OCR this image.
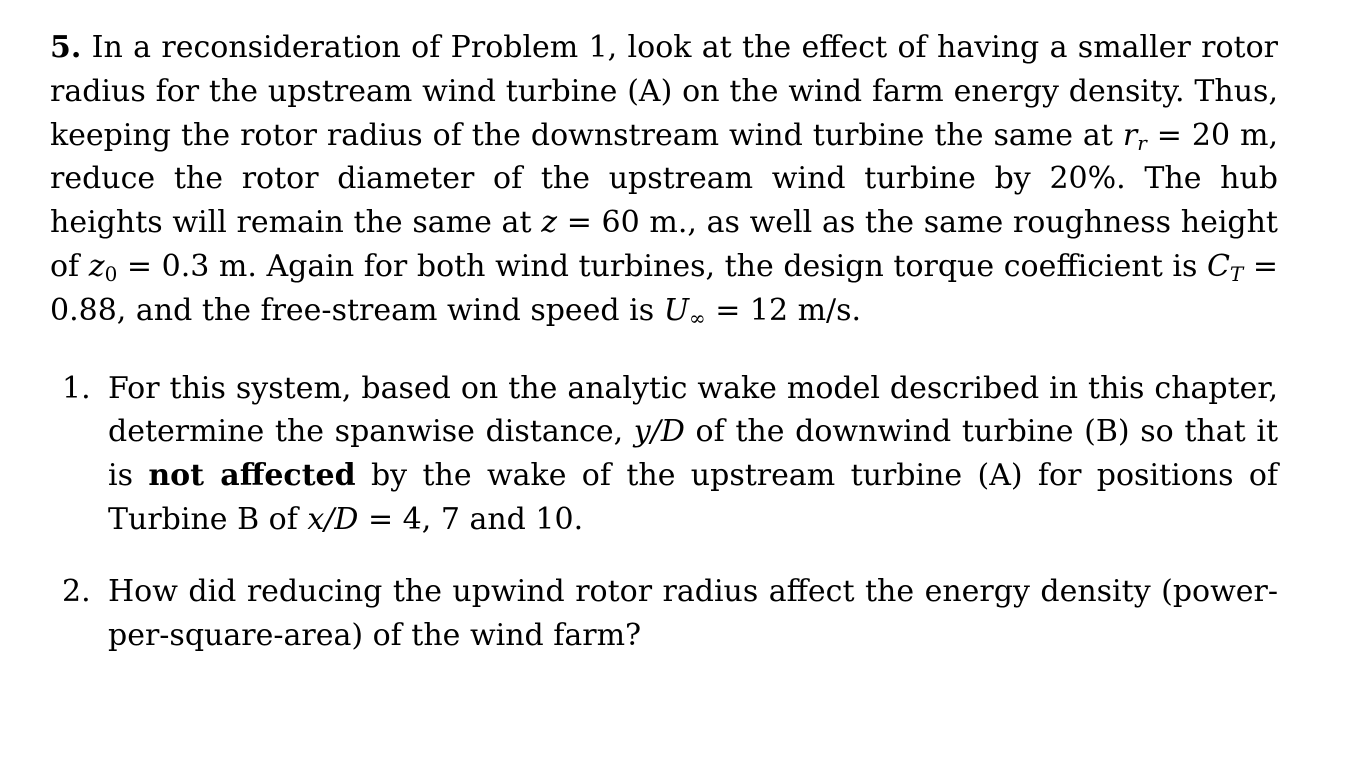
5. In a reconsideration of Problem 1, look at the effect of having a smaller rotor radius for the upstream wind turbine (A) on the wind farm energy density. Thus, keeping the rotor radius of the downstream wind turbine the same at $r_r = 20$ m, reduce the rotor diameter of the upstream wind turbine by 20%. The hub heights will remain the same at z = 60 m., as well as the same roughness height of $z_0 = 0.3$ m. Again for both wind turbines, the design torque coefficient is $C_T = 0.88$, and the free-stream wind speed is $U_\infty = 12$ m/s.

1. For this system, based on the analytic wake model described in this chapter, determine the spanwise distance, y/D of the downwind turbine (B) so that it is not affected by the wake of the upstream turbine (A) for positions of Turbine B of x/D = 4, 7 and 10.
2. How did reducing the upwind rotor radius affect the energy density (power-per-square-area) of the wind farm?
